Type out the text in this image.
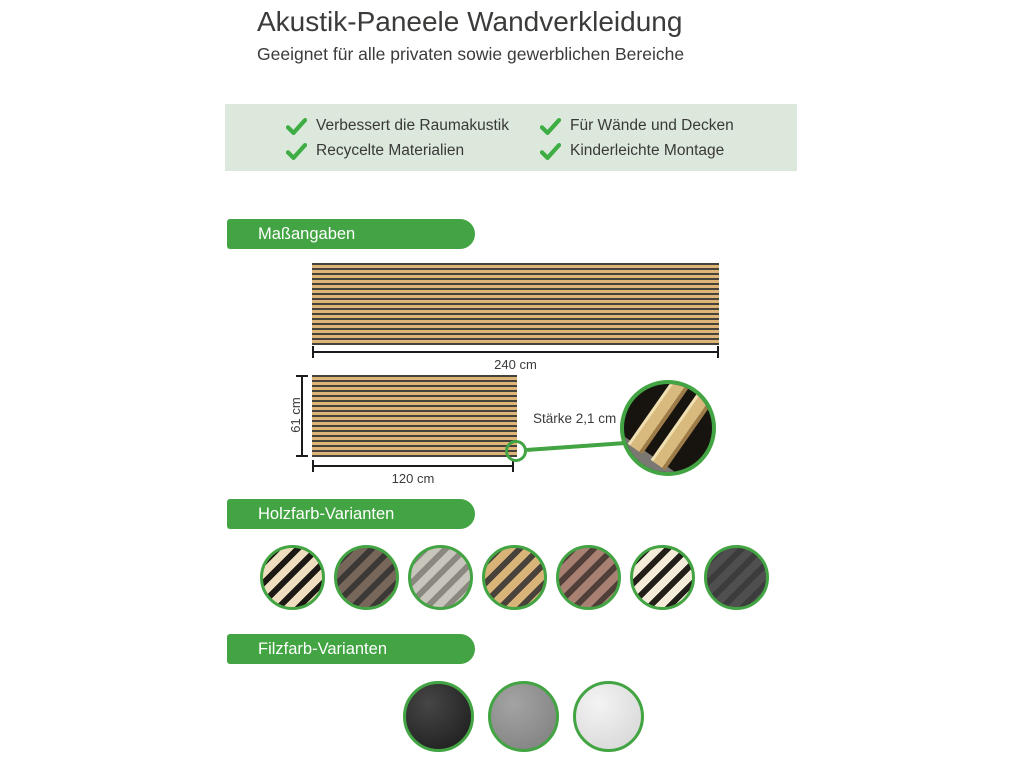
Akustik-Paneele Wandverkleidung
Geeignet für alle privaten sowie gewerblichen Bereiche
Verbessert die Raumakustik	Für Wände und Decken
Recycelte Materialien	Kinderleichte Montage
Maßangaben
240 cm
61 cm
120 cm
Stärke 2,1 cm
Holzfarb-Varianten
Filzfarb-Varianten
